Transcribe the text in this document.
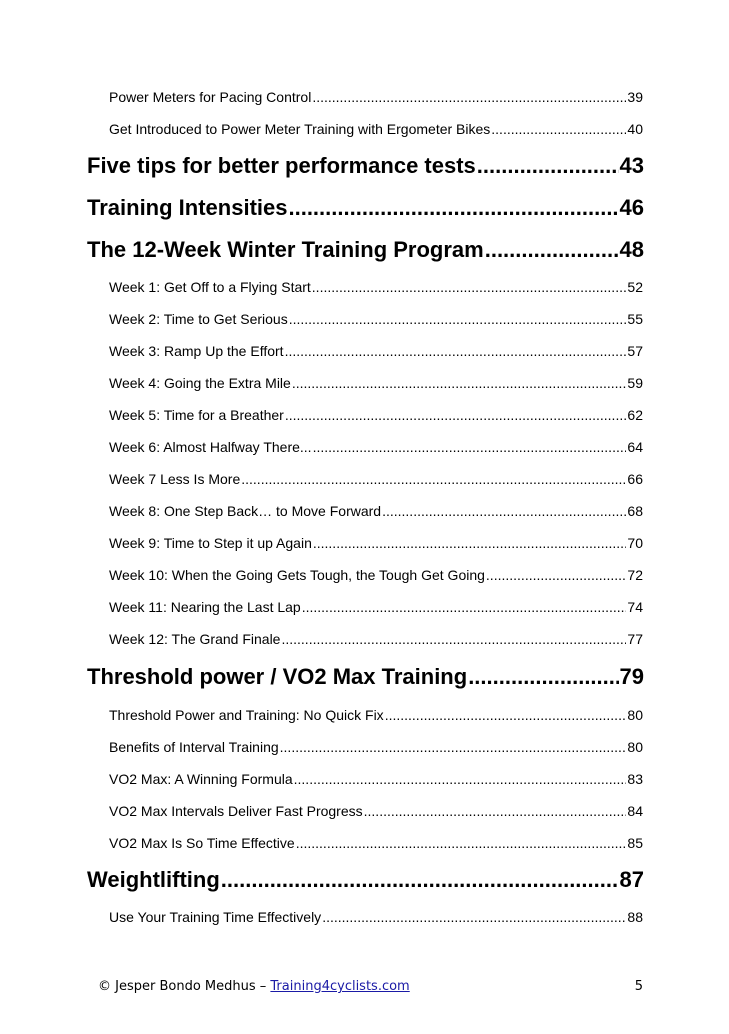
Power Meters for Pacing Control .....	39
Get Introduced to Power Meter Training with Ergometer Bikes .....	40
Five tips for better performance tests .....	43
Training Intensities .....	46
The 12-Week Winter Training Program .....	48
Week 1: Get Off to a Flying Start .....	52
Week 2: Time to Get Serious .....	55
Week 3: Ramp Up the Effort .....	57
Week 4: Going the Extra Mile .....	59
Week 5: Time for a Breather .....	62
Week 6: Almost Halfway There... .....	64
Week 7 Less Is More .....	66
Week 8: One Step Back… to Move Forward .....	68
Week 9: Time to Step it up Again .....	70
Week 10: When the Going Gets Tough, the Tough Get Going .....	72
Week 11: Nearing the Last Lap .....	74
Week 12: The Grand Finale .....	77
Threshold power / VO2 Max Training .....	79
Threshold Power and Training: No Quick Fix .....	80
Benefits of Interval Training .....	80
VO2 Max: A Winning Formula .....	83
VO2 Max Intervals Deliver Fast Progress .....	84
VO2 Max Is So Time Effective .....	85
Weightlifting .....	87
Use Your Training Time Effectively .....	88
© Jesper Bondo Medhus – Training4cyclists.com	5
